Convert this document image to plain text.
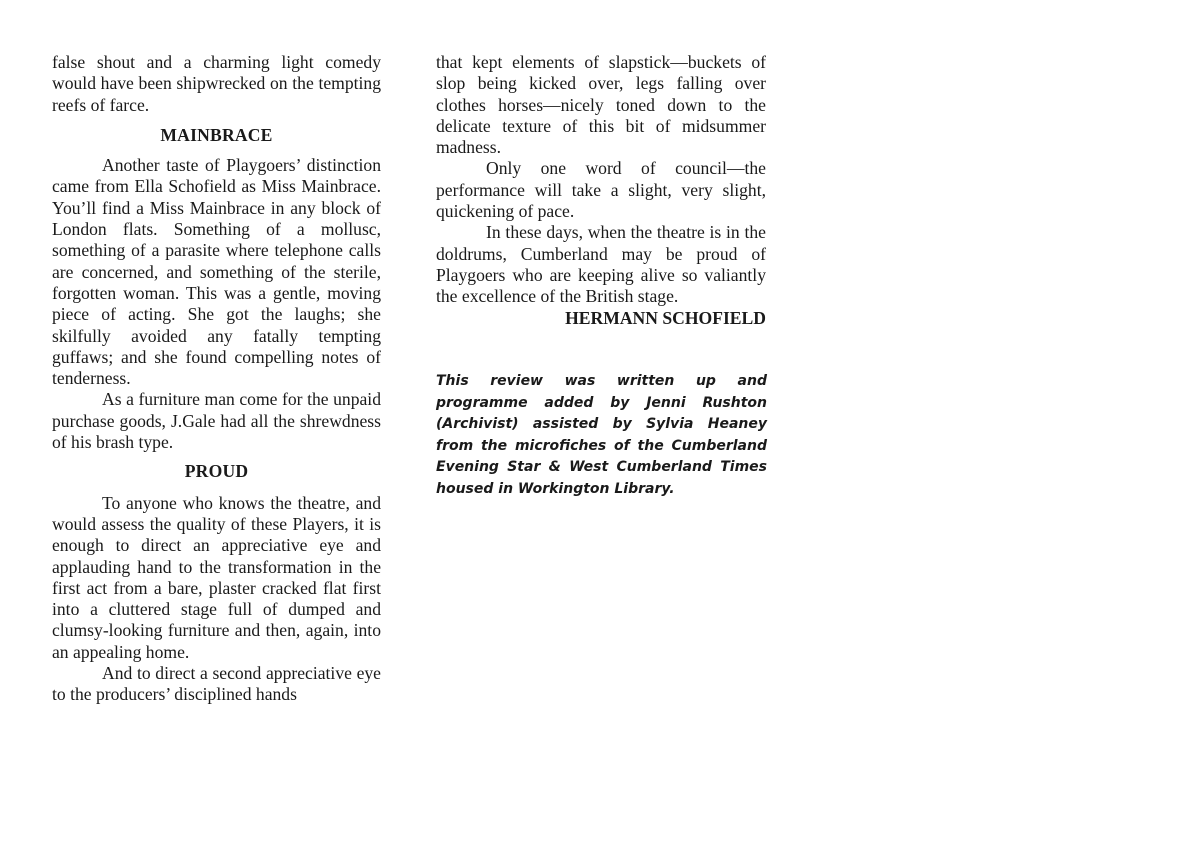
false shout and a charming light comedy would have been shipwrecked on the tempting reefs of farce.

MAINBRACE

Another taste of Playgoers’ distinction came from Ella Schofield as Miss Mainbrace. You’ll find a Miss Mainbrace in any block of London flats. Something of a mollusc, something of a parasite where telephone calls are concerned, and something of the sterile, forgotten woman. This was a gentle, moving piece of acting. She got the laughs; she skilfully avoided any fatally tempting guffaws; and she found compelling notes of tenderness.

As a furniture man come for the unpaid purchase goods, J.Gale had all the shrewdness of his brash type.

PROUD

To anyone who knows the theatre, and would assess the quality of these Players, it is enough to direct an appreciative eye and applauding hand to the transformation in the first act from a bare, plaster cracked flat first into a cluttered stage full of dumped and clumsy-looking furniture and then, again, into an appealing home.

And to direct a second appreciative eye to the producers’ disciplined hands

that kept elements of slapstick—buckets of slop being kicked over, legs falling over clothes horses—nicely toned down to the delicate texture of this bit of midsummer madness.

Only one word of council—the performance will take a slight, very slight, quickening of pace.

In these days, when the theatre is in the doldrums, Cumberland may be proud of Playgoers who are keeping alive so valiantly the excellence of the British stage.

HERMANN SCHOFIELD

This review was written up and programme added by Jenni Rushton (Archivist) assisted by Sylvia Heaney from the microfiches of the Cumberland Evening Star & West Cumberland Times housed in Workington Library.
